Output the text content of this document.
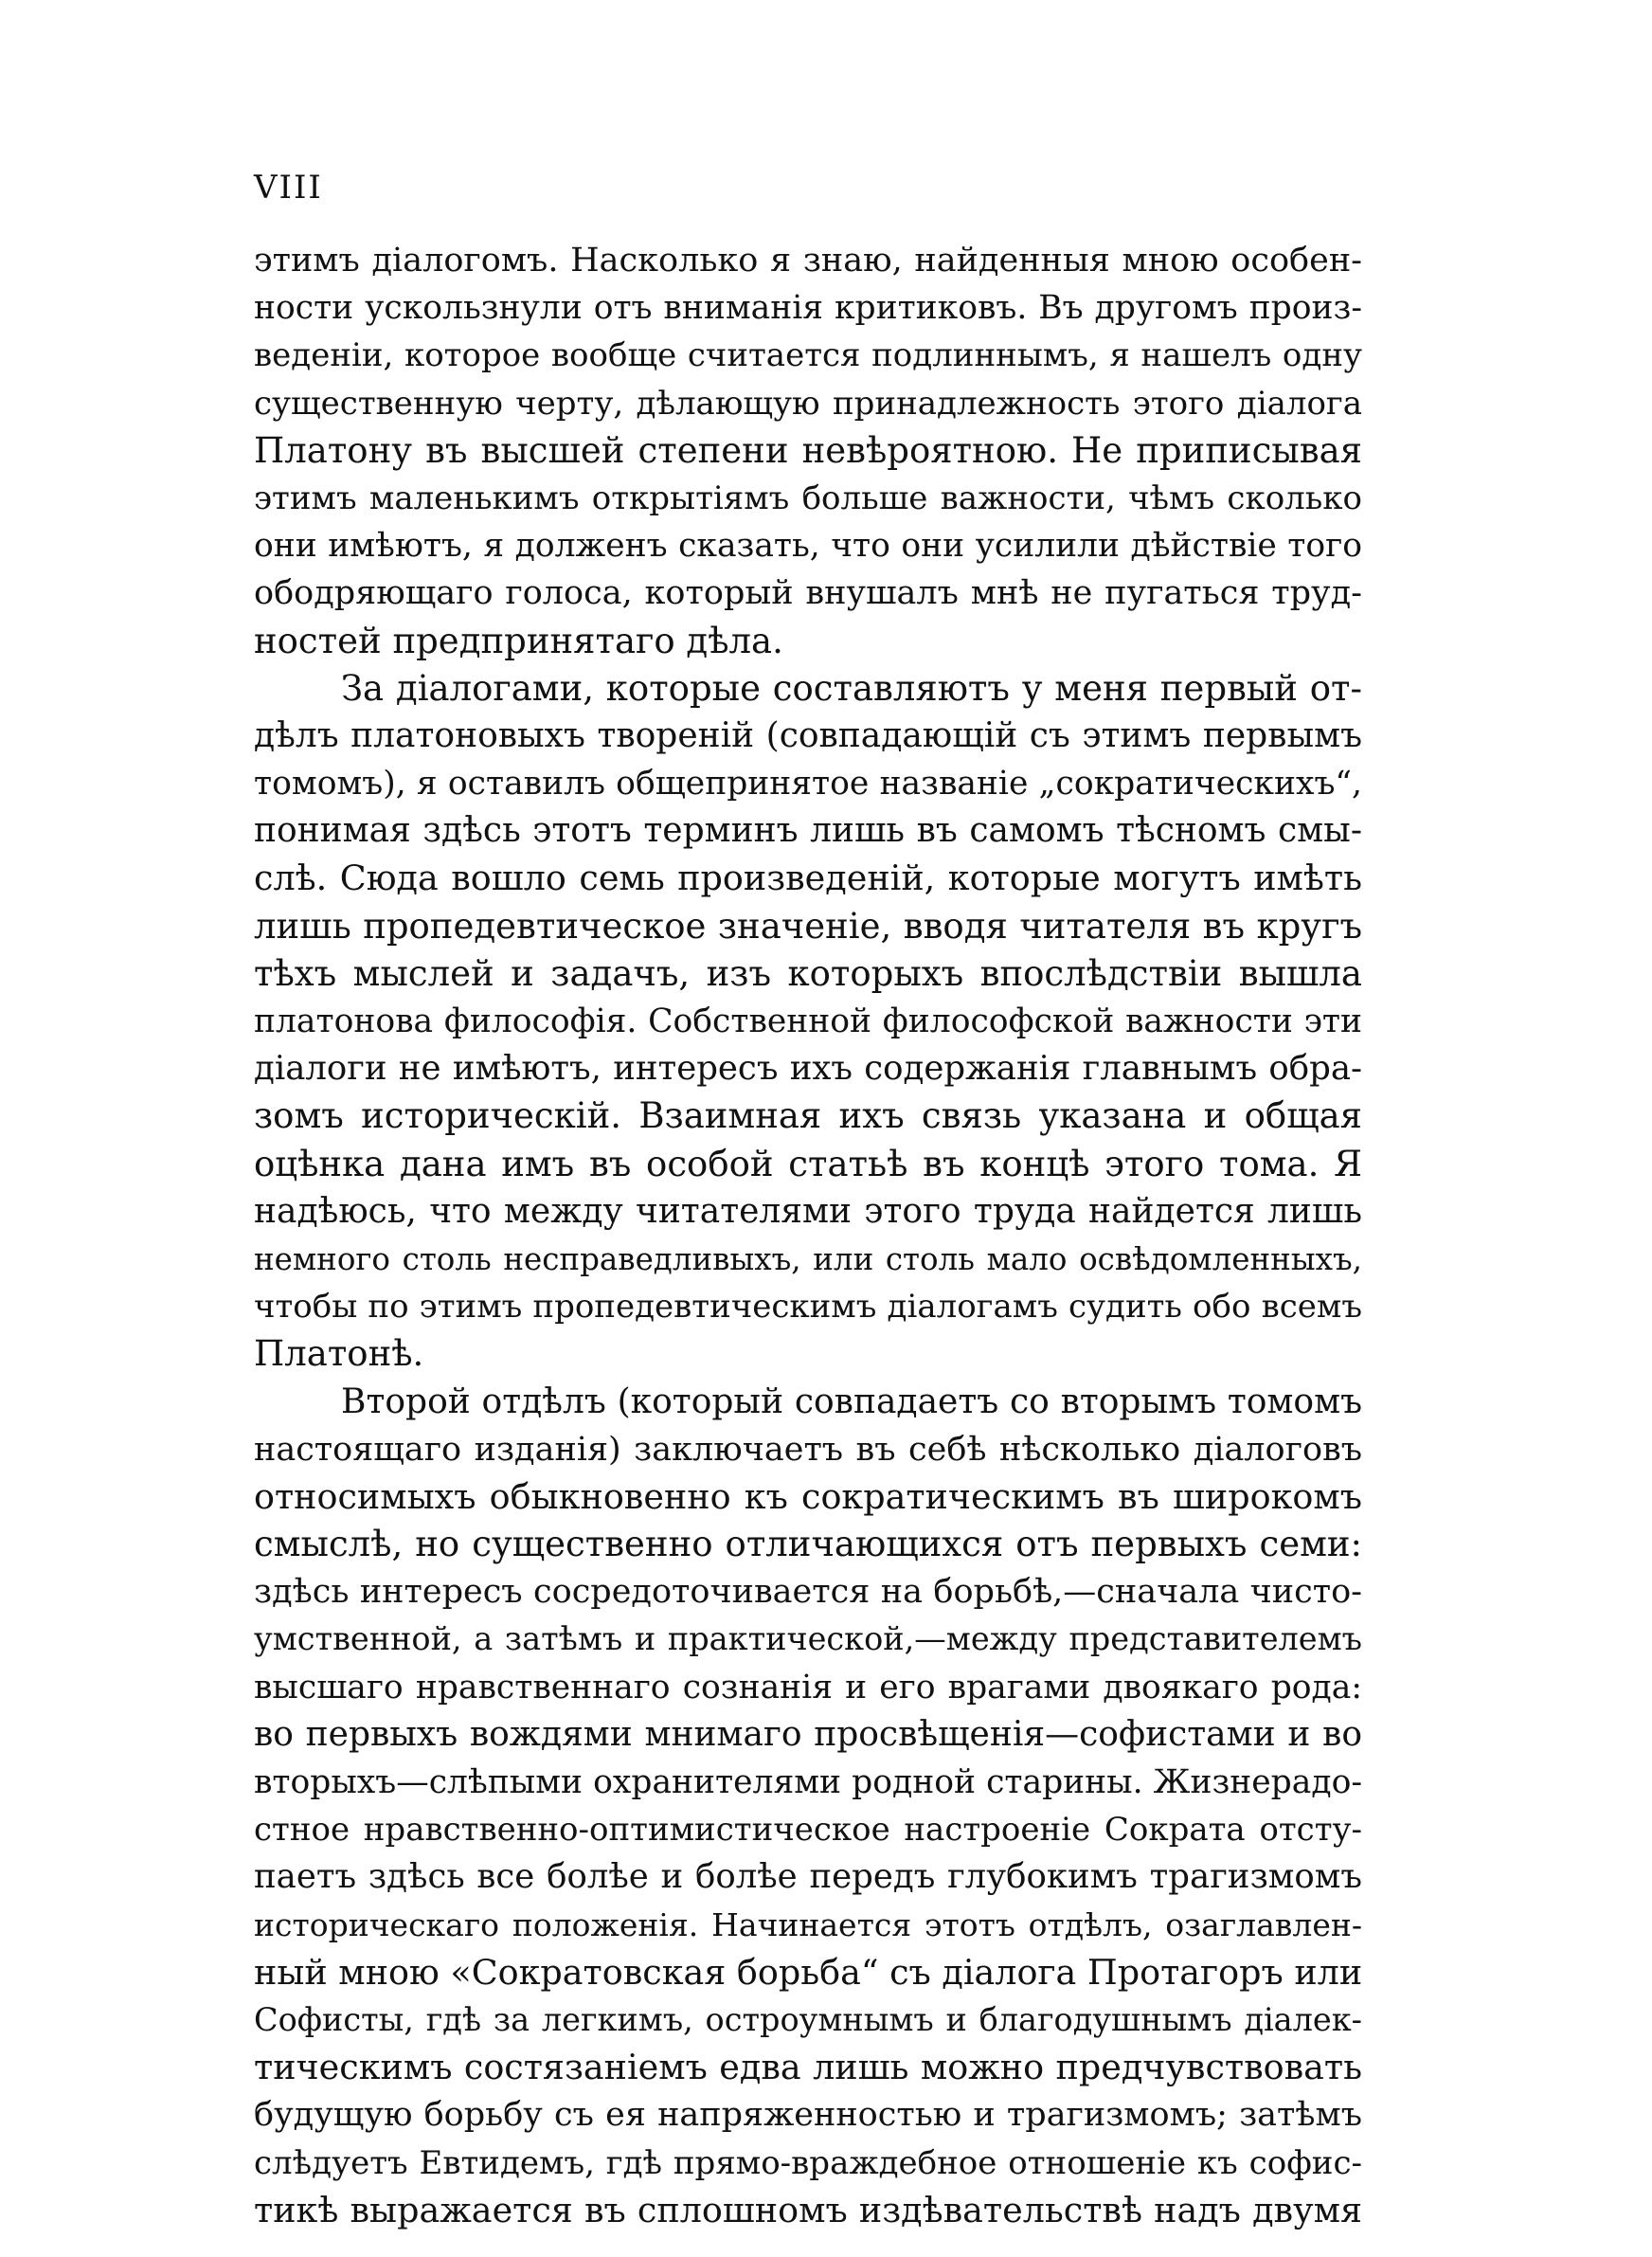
VIII
этимъ діалогомъ. Насколько я знаю, найденныя мною особен-
ности ускользнули отъ вниманія критиковъ. Въ другомъ произ-
веденіи, которое вообще считается подлиннымъ, я нашелъ одну
существенную черту, дѣлающую принадлежность этого діалога
Платону въ высшей степени невѣроятною. Не приписывая
этимъ маленькимъ открытіямъ больше важности, чѣмъ сколько
они имѣютъ, я долженъ сказать, что они усилили дѣйствіе того
ободряющаго голоса, который внушалъ мнѣ не пугаться труд-
ностей предпринятаго дѣла.
За діалогами, которые составляютъ у меня первый от-
дѣлъ платоновыхъ твореній (совпадающій съ этимъ первымъ
томомъ), я оставилъ общепринятое названіе „сократическихъ“,
понимая здѣсь этотъ терминъ лишь въ самомъ тѣсномъ смы-
слѣ. Сюда вошло семь произведеній, которые могутъ имѣть
лишь пропедевтическое значеніе, вводя читателя въ кругъ
тѣхъ мыслей и задачъ, изъ которыхъ впослѣдствіи вышла
платонова философія. Собственной философской важности эти
діалоги не имѣютъ, интересъ ихъ содержанія главнымъ обра-
зомъ историческій. Взаимная ихъ связь указана и общая
оцѣнка дана имъ въ особой статьѣ въ концѣ этого тома. Я
надѣюсь, что между читателями этого труда найдется лишь
немного столь несправедливыхъ, или столь мало освѣдомленныхъ,
чтобы по этимъ пропедевтическимъ діалогамъ судить обо всемъ
Платонѣ.
Второй отдѣлъ (который совпадаетъ со вторымъ томомъ
настоящаго изданія) заключаетъ въ себѣ нѣсколько діалоговъ
относимыхъ обыкновенно къ сократическимъ въ широкомъ
смыслѣ, но существенно отличающихся отъ первыхъ семи:
здѣсь интересъ сосредоточивается на борьбѣ,—сначала чисто-
умственной, а затѣмъ и практической,—между представителемъ
высшаго нравственнаго сознанія и его врагами двоякаго рода:
во первыхъ вождями мнимаго просвѣщенія—софистами и во
вторыхъ—слѣпыми охранителями родной старины. Жизнерадо-
стное нравственно-оптимистическое настроеніе Сократа отсту-
паетъ здѣсь все болѣе и болѣе передъ глубокимъ трагизмомъ
историческаго положенія. Начинается этотъ отдѣлъ, озаглавлен-
ный мною «Сократовская борьба“ съ діалога Протагоръ или
Софисты, гдѣ за легкимъ, остроумнымъ и благодушнымъ діалек-
тическимъ состязаніемъ едва лишь можно предчувствовать
будущую борьбу съ ея напряженностью и трагизмомъ; затѣмъ
слѣдуетъ Евтидемъ, гдѣ прямо-враждебное отношеніе къ софис-
тикѣ выражается въ сплошномъ издѣвательствѣ надъ двумя
